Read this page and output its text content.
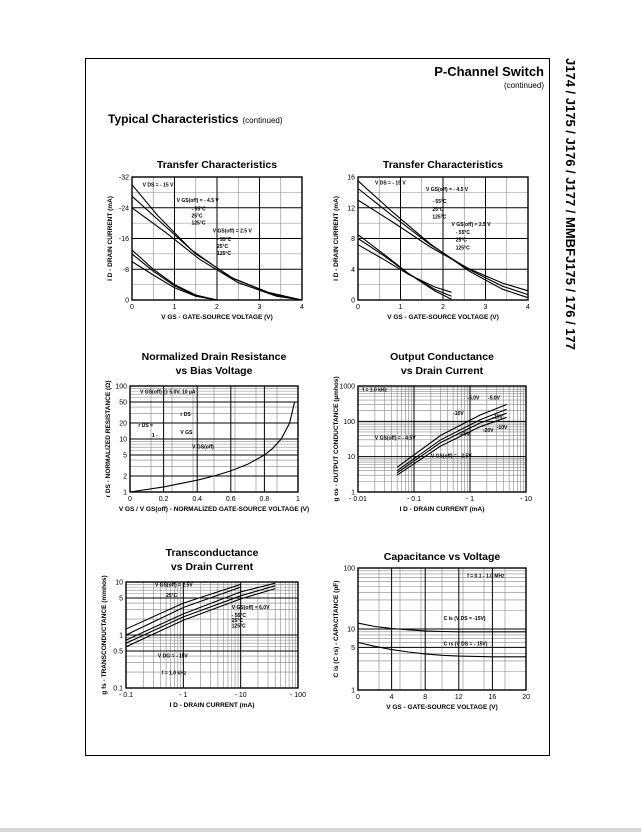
P-Channel Switch
(continued) J174 / J175 / J176 / J177 / MMBFJ175 / 176 / 177
Typical Characteristics (continued)
Transfer Characteristics
0	1	2	3	4
0
-8
-16
-24
-32
V GS - GATE-SOURCE VOLTAGE (V)
I D - DRAIN CURRENT (mA)
V DS = - 15 V
V GS(off) = - 4.5 V
- 55°C
25°C
125°C
V GS(off) = 2.5 V
- 55°C
25°C
125°C
Transfer Characteristics
0	1	2	3	4
0
4
8
12
16
V GS - GATE-SOURCE VOLTAGE (V)
I D - DRAIN CURRENT (mA)
V DS = - 15 V
V GS(off) = - 4.5 V
- 55°C
25°C
125°C
V GS(off) = 2.5 V
- 55°C
25°C
125°C
Normalized Drain Resistance
vs Bias Voltage
0	0.2	0.4	0.6	0.8	1
1
2
5
10
20
50
100
V GS / V GS(off) - NORMALIZED GATE-SOURCE VOLTAGE (V)
r DS - NORMALIZED RESISTANCE (Ω)	V GS(off) @ 5.0V, 10 µA
r DS =
r DS
1 -	V GS
V GS(off)
Output Conductance
vs Drain Current
- 0.01	- 0.1	- 1	- 10
1
10
100
1000
I D - DRAIN CURRENT (mA)
g os - OUTPUT CONDUCTANCE (µmhos)	f = 1.0 kHz
-5.0V -5.0V
-10V
-15V
-10V
-20V
-20V
V GS(off) = - 4.5V
V GS(off) = - 2.5V
Transconductance
vs Drain Current
- 0.1	- 1	- 10	- 100
0.1
0.5
1
5
10
I D - DRAIN CURRENT (mA)
g fs - TRANSCONDUCTANCE (mmhos)	V GS(off) = 2.5V
25°C
V GS(off) = 6.0V
- 55°C
25°C
125°C
V DG = - 15V
f = 1.0 kHz
Capacitance vs Voltage
0	4	8	12	16	20
1
5
10
100
V GS - GATE-SOURCE VOLTAGE (V)
C is (C rs) - CAPACITANCE (pF)
f = 0.1 - 1.0 MHz
C is (V DS = -15V)
C rs (V DS = - 15V)
